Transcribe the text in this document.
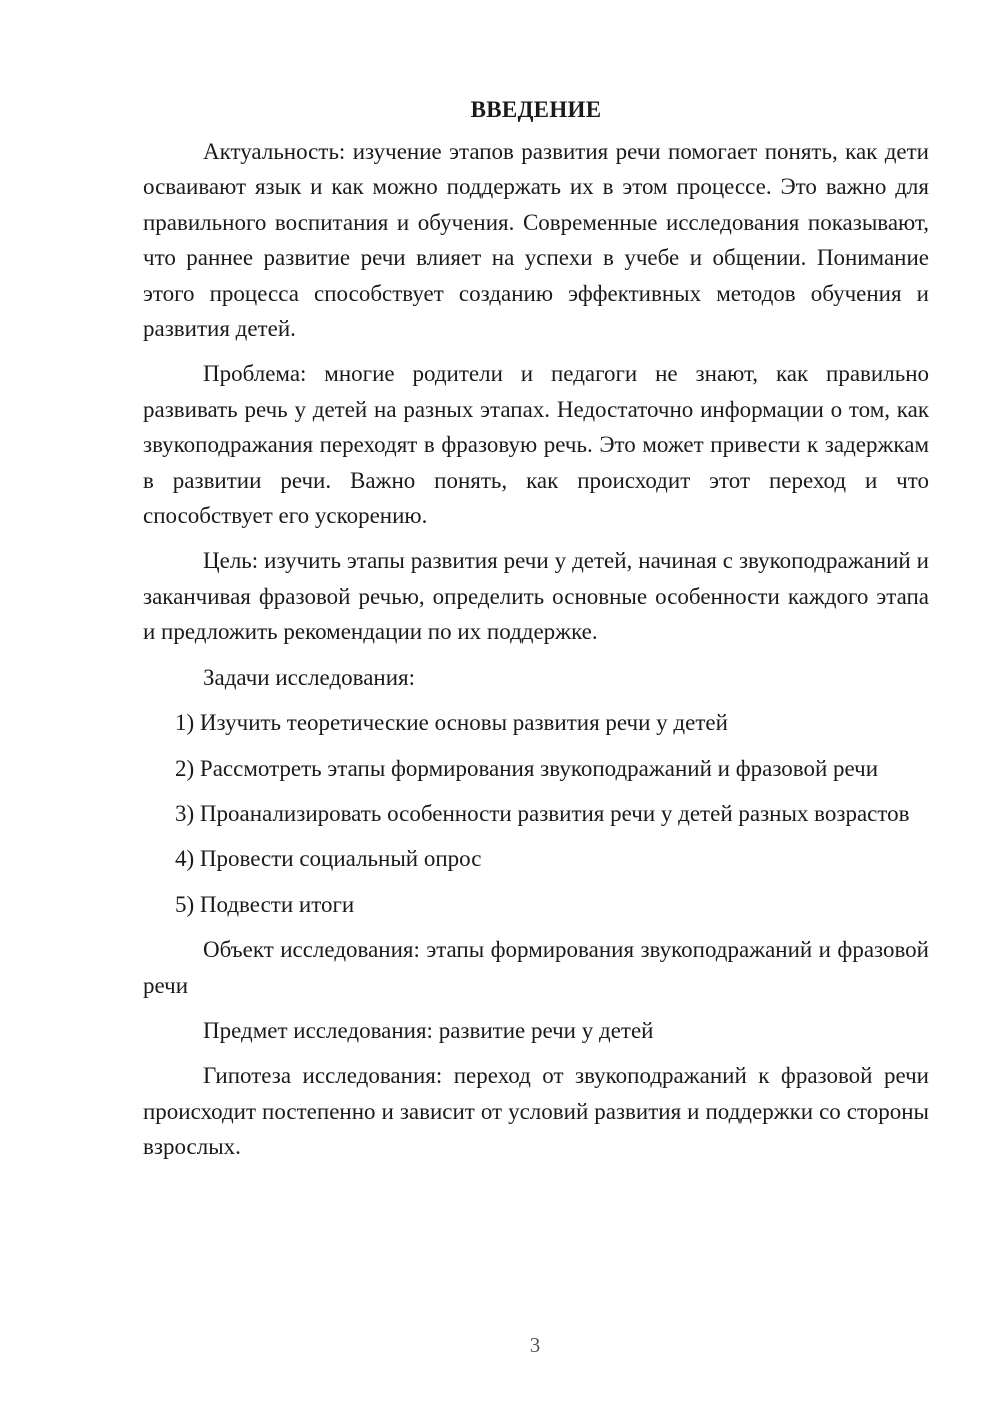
ВВЕДЕНИЕ

Актуальность: изучение этапов развития речи помогает понять, как дети осваивают язык и как можно поддержать их в этом процессе. Это важно для правильного воспитания и обучения. Современные исследования показывают, что раннее развитие речи влияет на успехи в учебе и общении. Понимание этого процесса способствует созданию эффективных методов обучения и развития детей.

Проблема: многие родители и педагоги не знают, как правильно развивать речь у детей на разных этапах. Недостаточно информации о том, как звукоподражания переходят в фразовую речь. Это может привести к задержкам в развитии речи. Важно понять, как происходит этот переход и что способствует его ускорению.

Цель: изучить этапы развития речи у детей, начиная с звукоподражаний и заканчивая фразовой речью, определить основные особенности каждого этапа и предложить рекомендации по их поддержке.

Задачи исследования:

1) Изучить теоретические основы развития речи у детей

2) Рассмотреть этапы формирования звукоподражаний и фразовой речи

3) Проанализировать особенности развития речи у детей разных возрастов

4) Провести социальный опрос

5) Подвести итоги

Объект исследования: этапы формирования звукоподражаний и фразовой речи

Предмет исследования: развитие речи у детей

Гипотеза исследования: переход от звукоподражаний к фразовой речи происходит постепенно и зависит от условий развития и поддержки со стороны взрослых.

3
